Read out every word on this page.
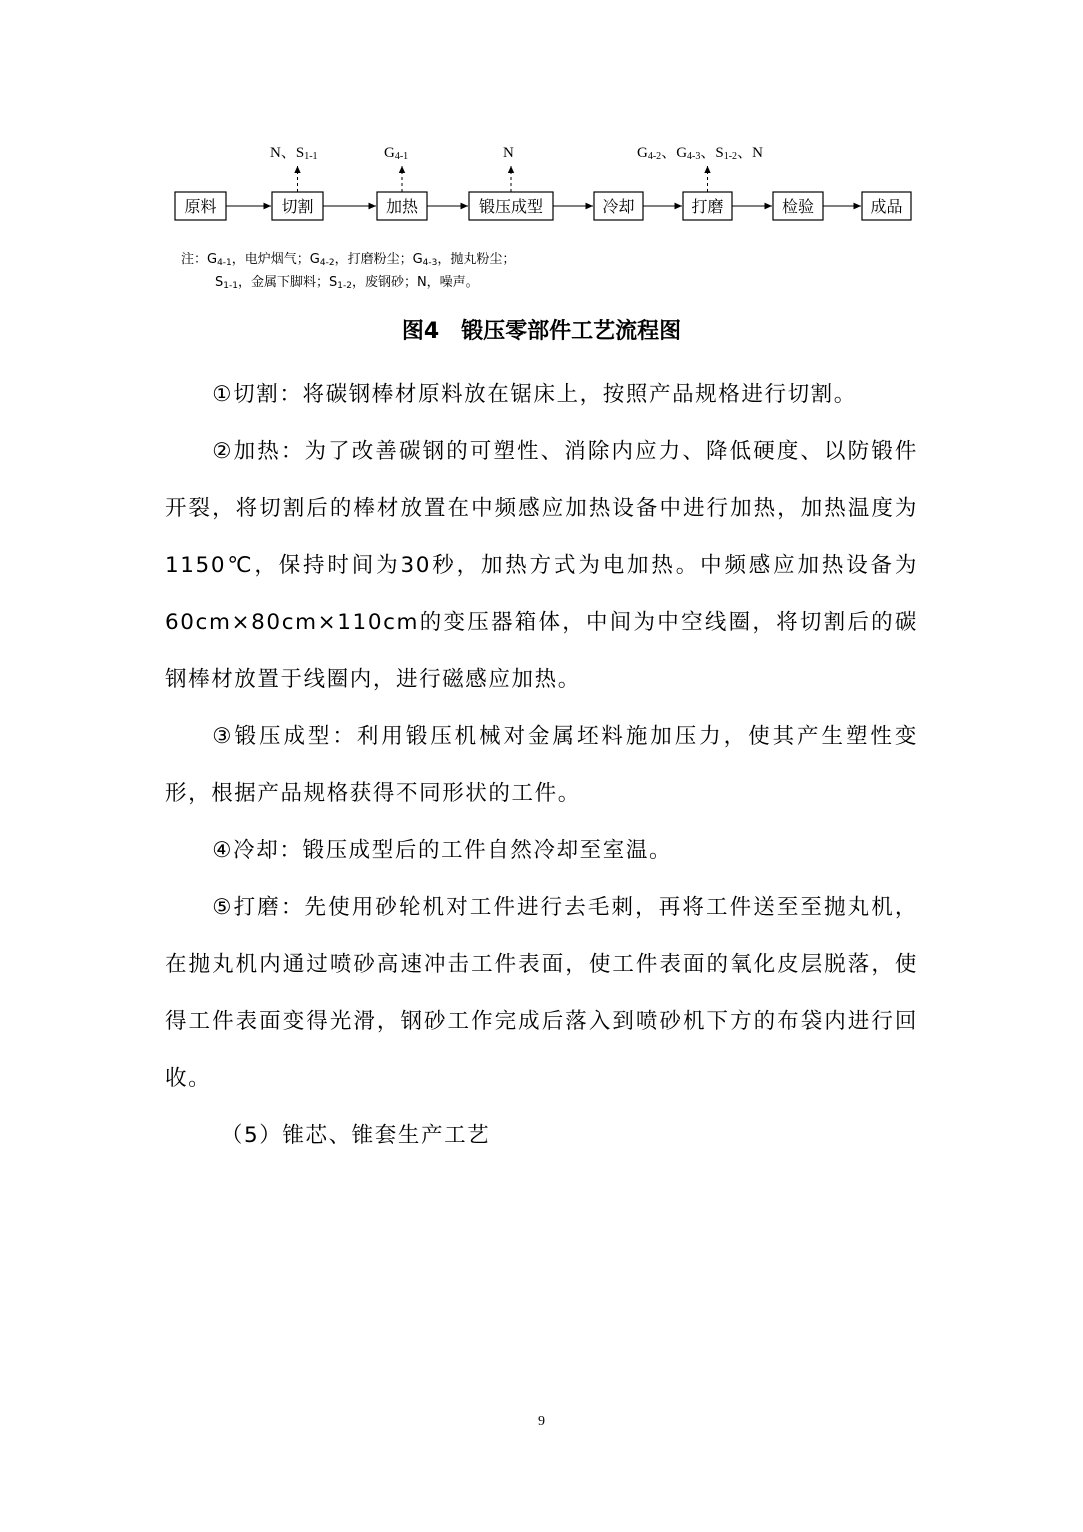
原料	切割	加热	锻压成型	冷却	打磨	检验	成品
N、S1-1	G4-1	N	G4-2、G4-3、S1-2、N
注：$G_{4-1}$，电炉烟气；$G_{4-2}$，打磨粉尘；$G_{4-3}$，抛丸粉尘；
$S_{1-1}$，金属下脚料；$S_{1-2}$，废钢砂；N，噪声。
图4　锻压零部件工艺流程图

①切割：将碳钢棒材原料放在锯床上，按照产品规格进行切割。

②加热：为了改善碳钢的可塑性、消除内应力、降低硬度、以防锻件开裂，将切割后的棒材放置在中频感应加热设备中进行加热，加热温度为1150℃，保持时间为30秒，加热方式为电加热。中频感应加热设备为60cm×80cm×110cm的变压器箱体，中间为中空线圈，将切割后的碳钢棒材放置于线圈内，进行磁感应加热。

③锻压成型：利用锻压机械对金属坯料施加压力，使其产生塑性变形，根据产品规格获得不同形状的工件。

④冷却：锻压成型后的工件自然冷却至室温。

⑤打磨：先使用砂轮机对工件进行去毛刺，再将工件送至至抛丸机，在抛丸机内通过喷砂高速冲击工件表面，使工件表面的氧化皮层脱落，使得工件表面变得光滑，钢砂工作完成后落入到喷砂机下方的布袋内进行回收。

（5）锥芯、锥套生产工艺

9
